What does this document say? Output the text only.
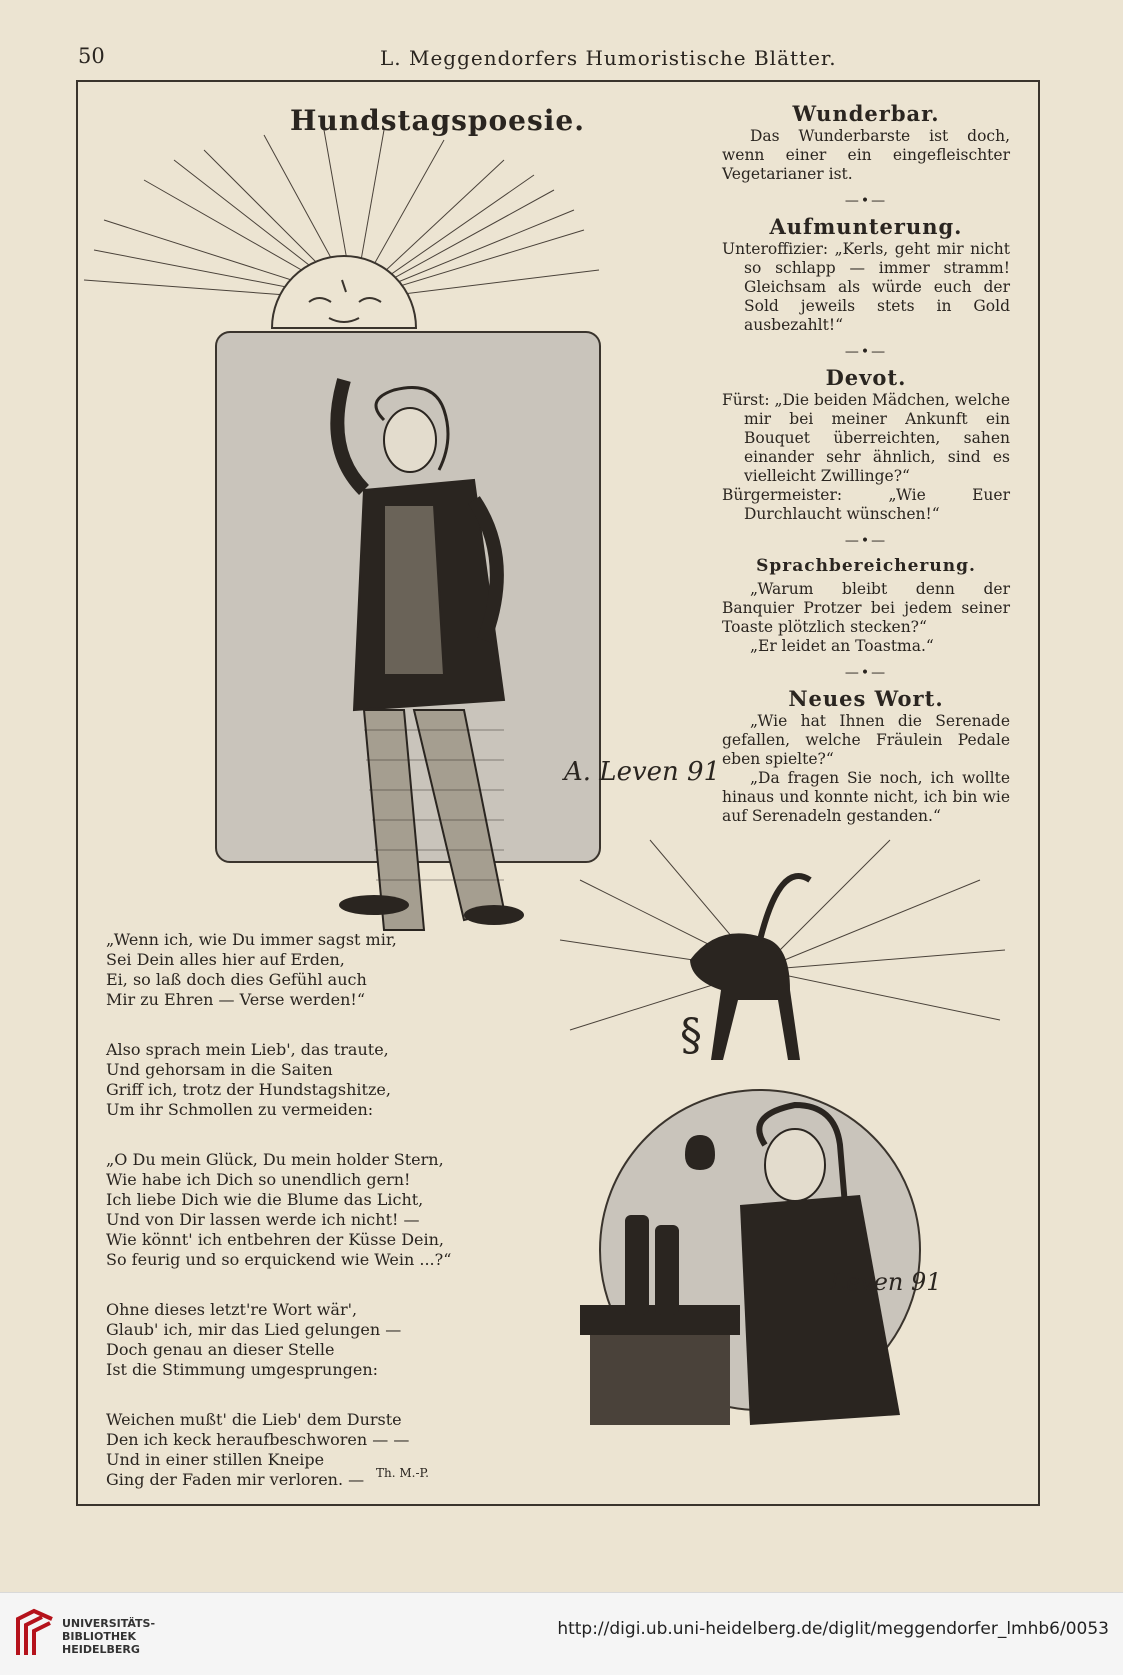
50	L. Meggendorfers Humoristische Blätter.
Hundstagspoesie.
A. Leven 91
§
Leven 91
„Wenn ich, wie Du immer sagst mir,
Sei Dein alles hier auf Erden,
Ei, so laß doch dies Gefühl auch
Mir zu Ehren — Verse werden!“
Also sprach mein Lieb', das traute,
Und gehorsam in die Saiten
Griff ich, trotz der Hundstagshitze,
Um ihr Schmollen zu vermeiden:
„O Du mein Glück, Du mein holder Stern,
Wie habe ich Dich so unendlich gern!
Ich liebe Dich wie die Blume das Licht,
Und von Dir lassen werde ich nicht! —
Wie könnt' ich entbehren der Küsse Dein,
So feurig und so erquickend wie Wein ...?“
Ohne dieses letzt're Wort wär',
Glaub' ich, mir das Lied gelungen —
Doch genau an dieser Stelle
Ist die Stimmung umgesprungen:
Weichen mußt' die Lieb' dem Durste
Den ich keck heraufbeschworen — —
Und in einer stillen Kneipe
Ging der Faden mir verloren. — Th. M.-P.
Wunderbar.

Das Wunderbarste ist doch, wenn einer ein eingefleischter Vegetarianer ist.

—•—
Aufmunterung.

Unteroffizier: „Kerls, geht mir nicht so schlapp — immer stramm! Gleichsam als würde euch der Sold jeweils stets in Gold ausbezahlt!“

—•—
Devot.

Fürst: „Die beiden Mädchen, welche mir bei meiner Ankunft ein Bouquet überreichten, sahen einander sehr ähnlich, sind es vielleicht Zwillinge?“

Bürgermeister: „Wie Euer Durchlaucht wünschen!“

—•—
Sprachbereicherung.

„Warum bleibt denn der Banquier Protzer bei jedem seiner Toaste plötzlich stecken?“

„Er leidet an Toastma.“

—•—
Neues Wort.

„Wie hat Ihnen die Serenade gefallen, welche Fräulein Pedale eben spielte?“

„Da fragen Sie noch, ich wollte hinaus und konnte nicht, ich bin wie auf Serenadeln gestanden.“

UNIVERSITÄTS-
BIBLIOTHEK
HEIDELBERG
http://digi.ub.uni-heidelberg.de/diglit/meggendorfer_lmhb6/0053
